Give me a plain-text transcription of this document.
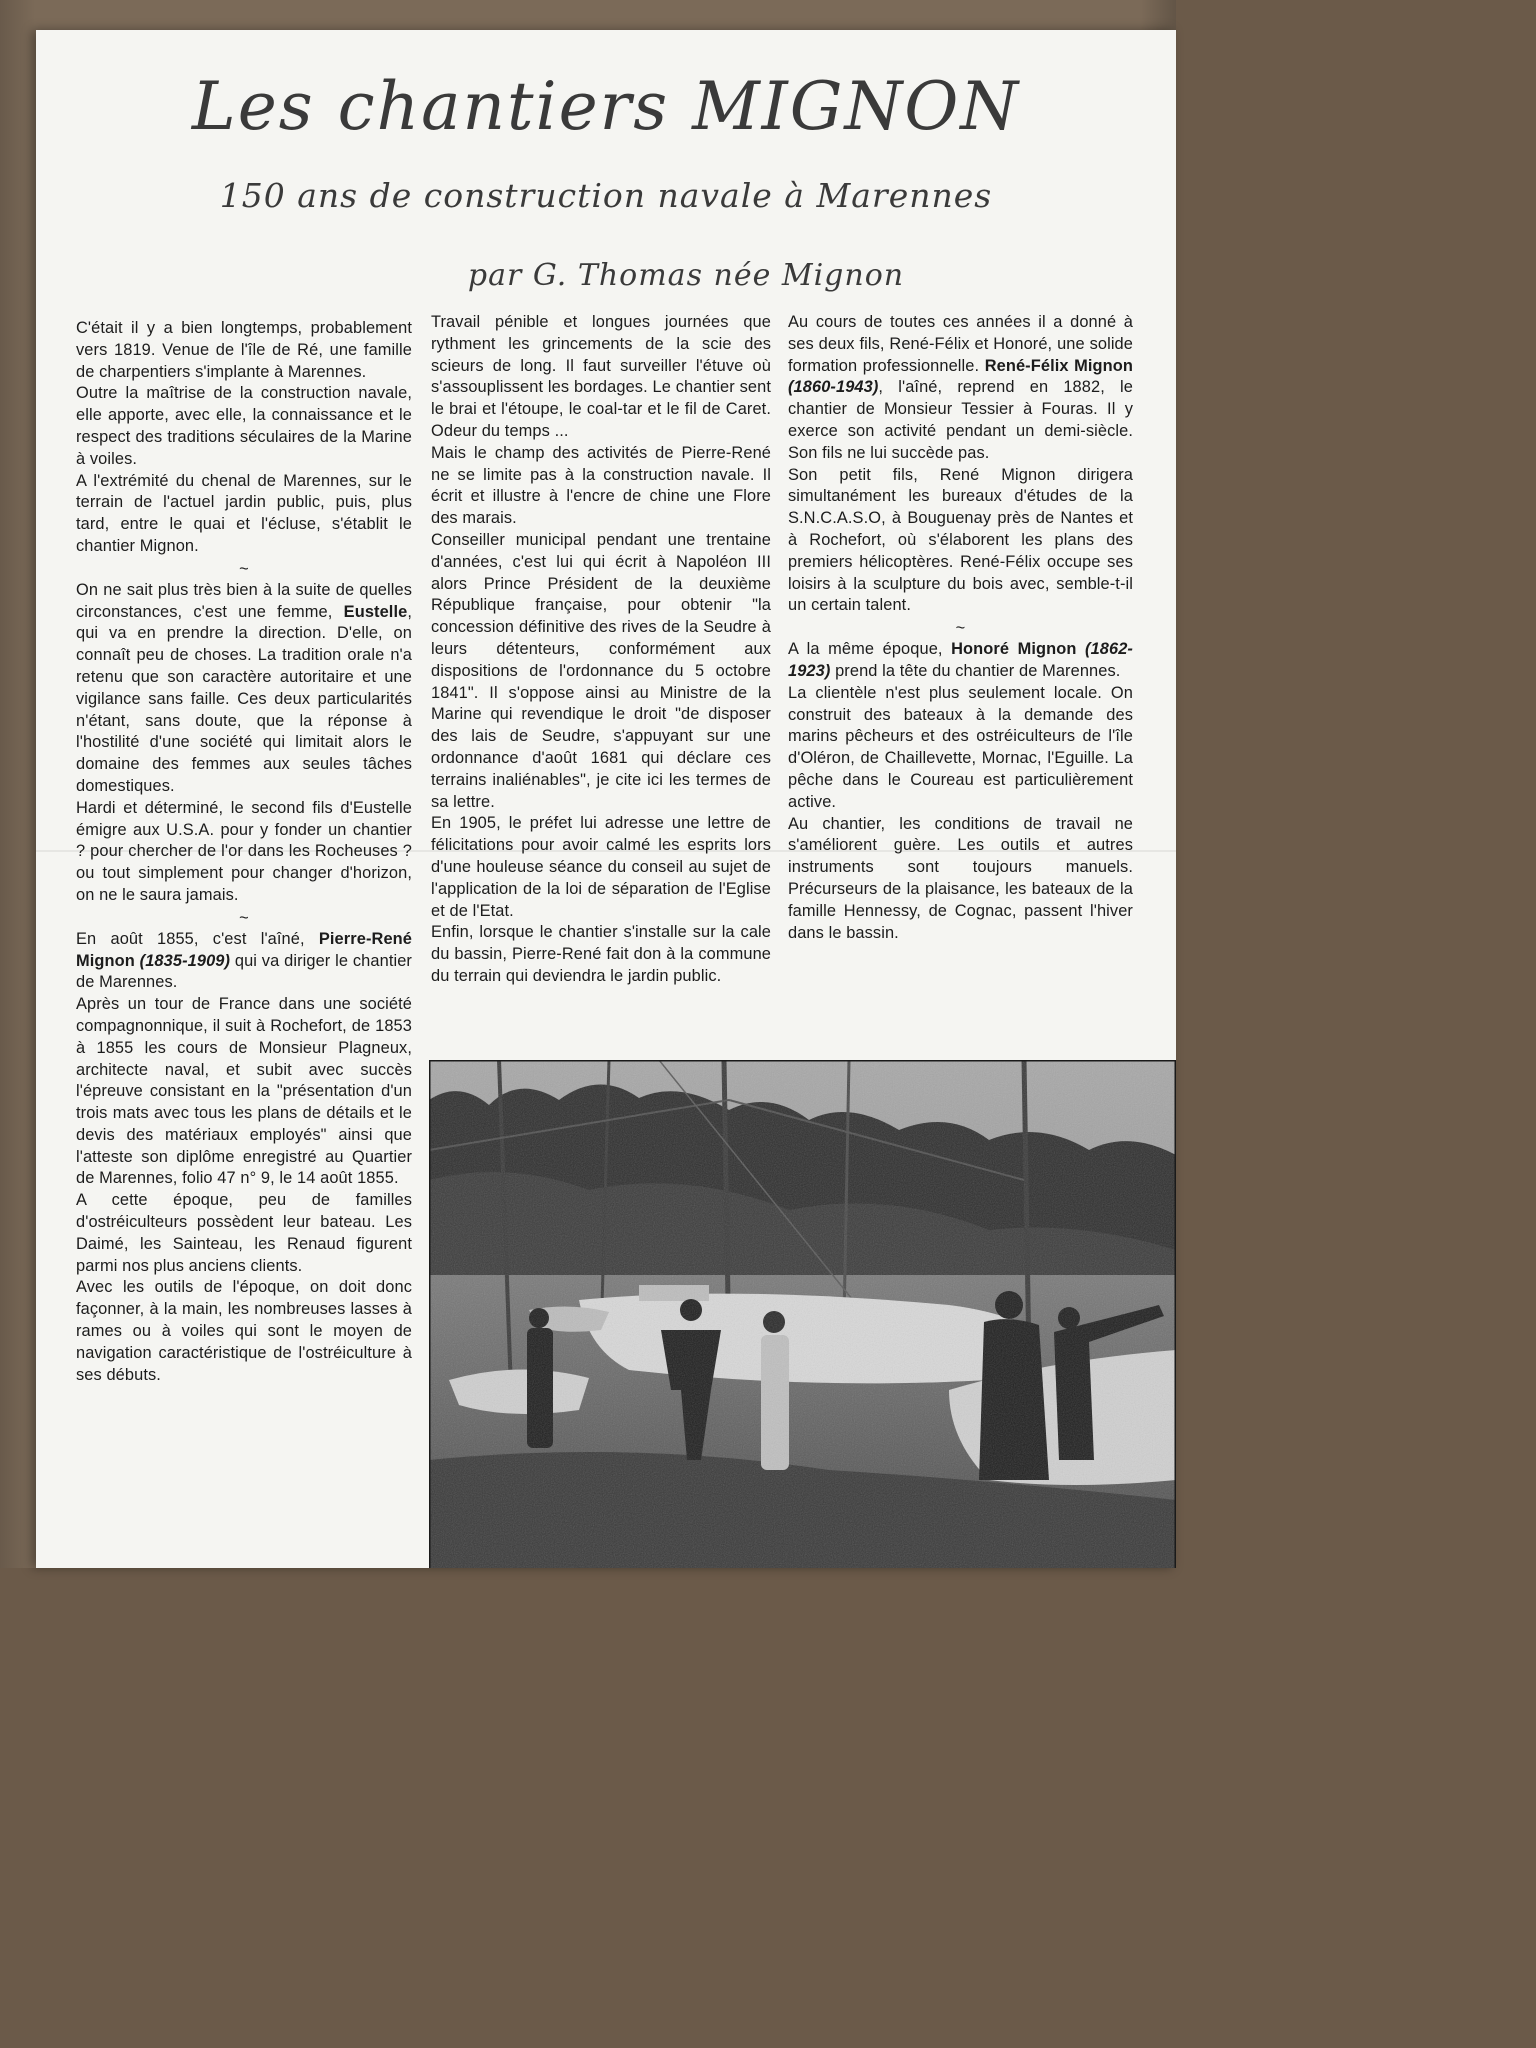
Les chantiers MIGNON
150 ans de construction navale à Marennes
par G. Thomas née Mignon

C'était il y a bien longtemps, probablement vers 1819. Venue de l'île de Ré, une famille de charpentiers s'implante à Marennes.

Outre la maîtrise de la construction navale, elle apporte, avec elle, la connaissance et le respect des traditions séculaires de la Marine à voiles.

A l'extrémité du chenal de Marennes, sur le terrain de l'actuel jardin public, puis, plus tard, entre le quai et l'écluse, s'établit le chantier Mignon.

~

On ne sait plus très bien à la suite de quelles circonstances, c'est une femme, Eustelle, qui va en prendre la direction. D'elle, on connaît peu de choses. La tradition orale n'a retenu que son caractère autoritaire et une vigilance sans faille. Ces deux particularités n'étant, sans doute, que la réponse à l'hostilité d'une société qui limitait alors le domaine des femmes aux seules tâches domestiques.

Hardi et déterminé, le second fils d'Eustelle émigre aux U.S.A. pour y fonder un chantier ? pour chercher de l'or dans les Rocheuses ? ou tout simplement pour changer d'horizon, on ne le saura jamais.

~

En août 1855, c'est l'aîné, Pierre-René Mignon (1835-1909) qui va diriger le chantier de Marennes.

Après un tour de France dans une société compagnonnique, il suit à Rochefort, de 1853 à 1855 les cours de Monsieur Plagneux, architecte naval, et subit avec succès l'épreuve consistant en la "présentation d'un trois mats avec tous les plans de détails et le devis des matériaux employés" ainsi que l'atteste son diplôme enregistré au Quartier de Marennes, folio 47 n° 9, le 14 août 1855.

A cette époque, peu de familles d'ostréiculteurs possèdent leur bateau. Les Daimé, les Sainteau, les Renaud figurent parmi nos plus anciens clients.

Avec les outils de l'époque, on doit donc façonner, à la main, les nombreuses lasses à rames ou à voiles qui sont le moyen de navigation caractéristique de l'ostréiculture à ses débuts.

Travail pénible et longues journées que rythment les grincements de la scie des scieurs de long. Il faut surveiller l'étuve où s'assouplissent les bordages. Le chantier sent le brai et l'étoupe, le coal-tar et le fil de Caret. Odeur du temps ...

Mais le champ des activités de Pierre-René ne se limite pas à la construction navale. Il écrit et illustre à l'encre de chine une Flore des marais.

Conseiller municipal pendant une trentaine d'années, c'est lui qui écrit à Napoléon III alors Prince Président de la deuxième République française, pour obtenir "la concession définitive des rives de la Seudre à leurs détenteurs, conformément aux dispositions de l'ordonnance du 5 octobre 1841". Il s'oppose ainsi au Ministre de la Marine qui revendique le droit "de disposer des lais de Seudre, s'appuyant sur une ordonnance d'août 1681 qui déclare ces terrains inaliénables", je cite ici les termes de sa lettre.

En 1905, le préfet lui adresse une lettre de félicitations pour avoir calmé les esprits lors d'une houleuse séance du conseil au sujet de l'application de la loi de séparation de l'Eglise et de l'Etat.

Enfin, lorsque le chantier s'installe sur la cale du bassin, Pierre-René fait don à la commune du terrain qui deviendra le jardin public.

Au cours de toutes ces années il a donné à ses deux fils, René-Félix et Honoré, une solide formation professionnelle. René-Félix Mignon (1860-1943), l'aîné, reprend en 1882, le chantier de Monsieur Tessier à Fouras. Il y exerce son activité pendant un demi-siècle. Son fils ne lui succède pas.

Son petit fils, René Mignon dirigera simultanément les bureaux d'études de la S.N.C.A.S.O, à Bouguenay près de Nantes et à Rochefort, où s'élaborent les plans des premiers hélicoptères. René-Félix occupe ses loisirs à la sculpture du bois avec, semble-t-il un certain talent.

~

A la même époque, Honoré Mignon (1862-1923) prend la tête du chantier de Marennes.

La clientèle n'est plus seulement locale. On construit des bateaux à la demande des marins pêcheurs et des ostréiculteurs de l'île d'Oléron, de Chaillevette, Mornac, l'Eguille. La pêche dans le Coureau est particulièrement active.

Au chantier, les conditions de travail ne s'améliorent guère. Les outils et autres instruments sont toujours manuels. Précurseurs de la plaisance, les bateaux de la famille Hennessy, de Cognac, passent l'hiver dans le bassin.
